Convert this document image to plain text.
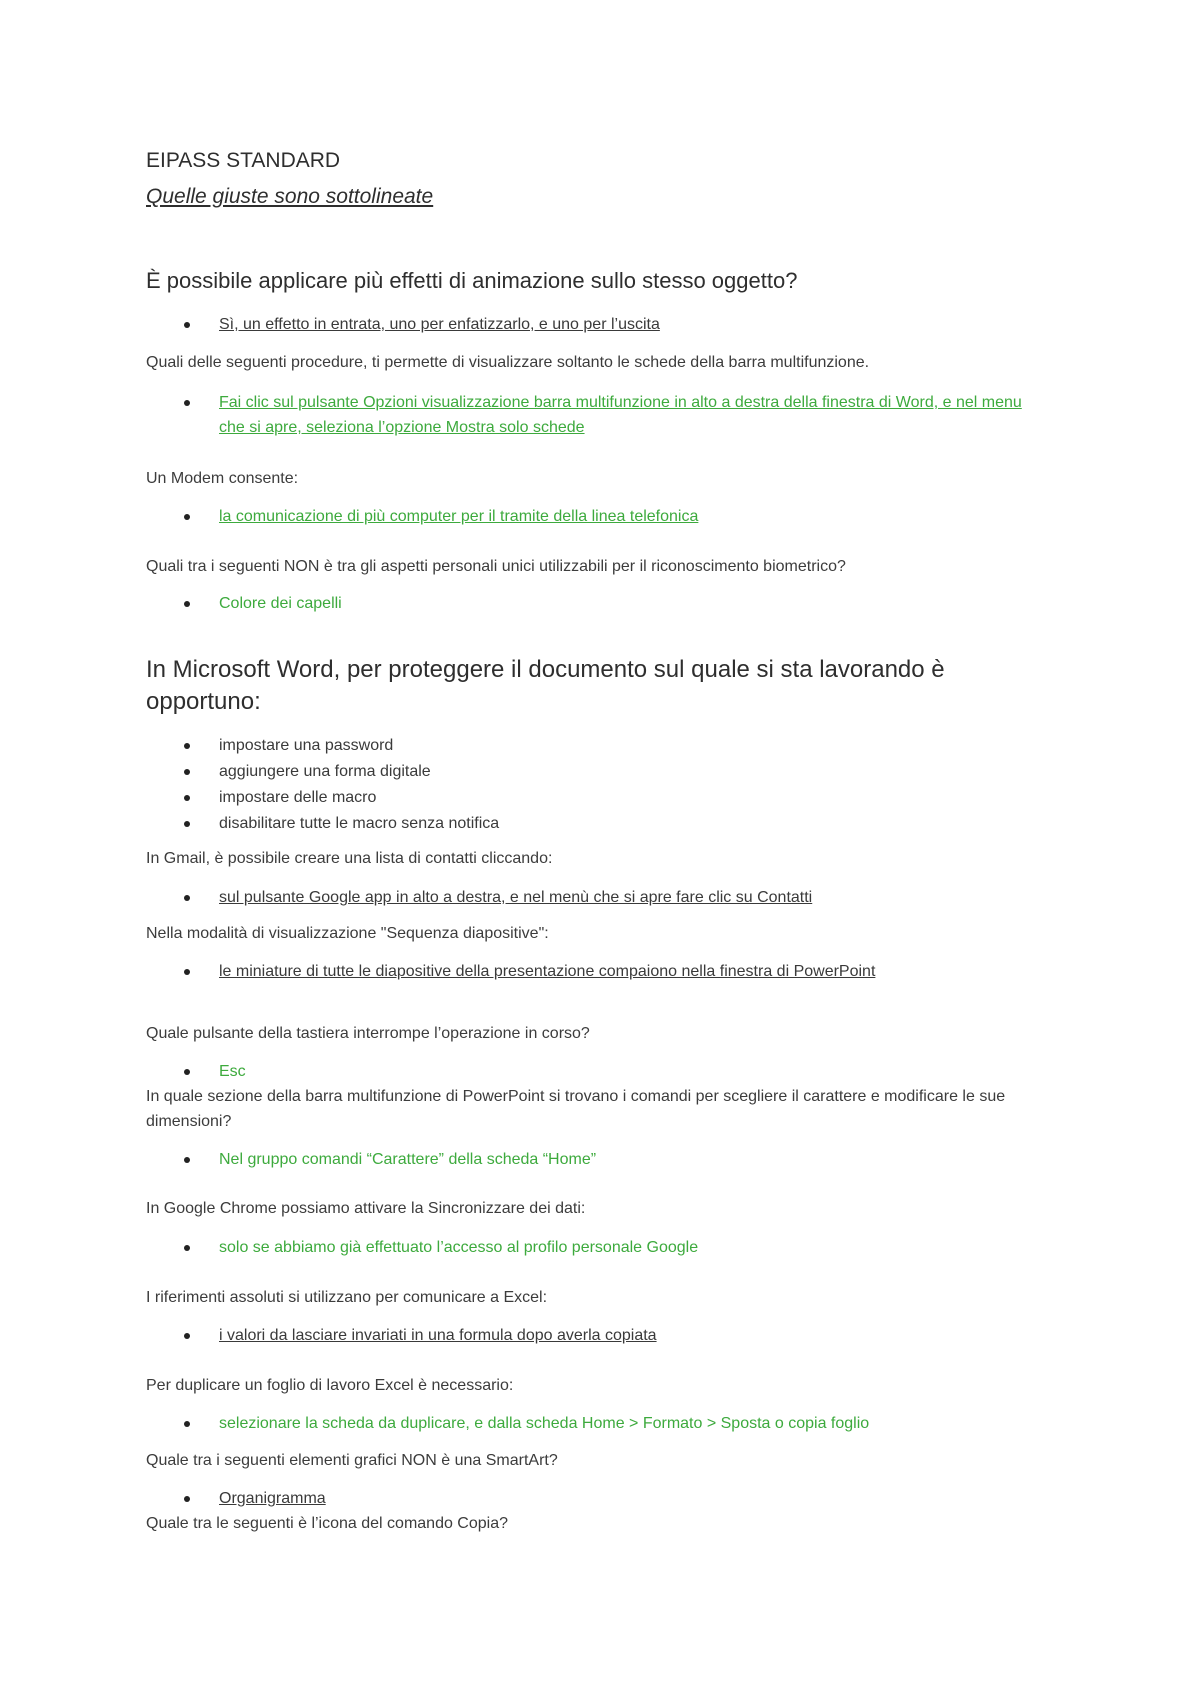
EIPASS STANDARD

Quelle giuste sono sottolineate

È possibile applicare più effetti di animazione sullo stesso oggetto?

Sì, un effetto in entrata, uno per enfatizzarlo, e uno per l’uscita

Quali delle seguenti procedure, ti permette di visualizzare soltanto le schede della barra multifunzione.

Fai clic sul pulsante Opzioni visualizzazione barra multifunzione in alto a destra della finestra di Word, e nel menu che si apre, seleziona l’opzione Mostra solo schede

Un Modem consente:

la comunicazione di più computer per il tramite della linea telefonica

Quali tra i seguenti NON è tra gli aspetti personali unici utilizzabili per il riconoscimento biometrico?

Colore dei capelli

In Microsoft Word, per proteggere il documento sul quale si sta lavorando è opportuno:

impostare una password
aggiungere una forma digitale
impostare delle macro
disabilitare tutte le macro senza notifica

In Gmail, è possibile creare una lista di contatti cliccando:

sul pulsante Google app in alto a destra, e nel menù che si apre fare clic su Contatti

Nella modalità di visualizzazione "Sequenza diapositive":

le miniature di tutte le diapositive della presentazione compaiono nella finestra di PowerPoint

Quale pulsante della tastiera interrompe l’operazione in corso?

Esc

In quale sezione della barra multifunzione di PowerPoint si trovano i comandi per scegliere il carattere e modificare le sue dimensioni?

Nel gruppo comandi “Carattere” della scheda “Home”

In Google Chrome possiamo attivare la Sincronizzare dei dati:

solo se abbiamo già effettuato l’accesso al profilo personale Google

I riferimenti assoluti si utilizzano per comunicare a Excel:

i valori da lasciare invariati in una formula dopo averla copiata

Per duplicare un foglio di lavoro Excel è necessario:

selezionare la scheda da duplicare, e dalla scheda Home > Formato > Sposta o copia foglio

Quale tra i seguenti elementi grafici NON è una SmartArt?

Organigramma

Quale tra le seguenti è l’icona del comando Copia?
